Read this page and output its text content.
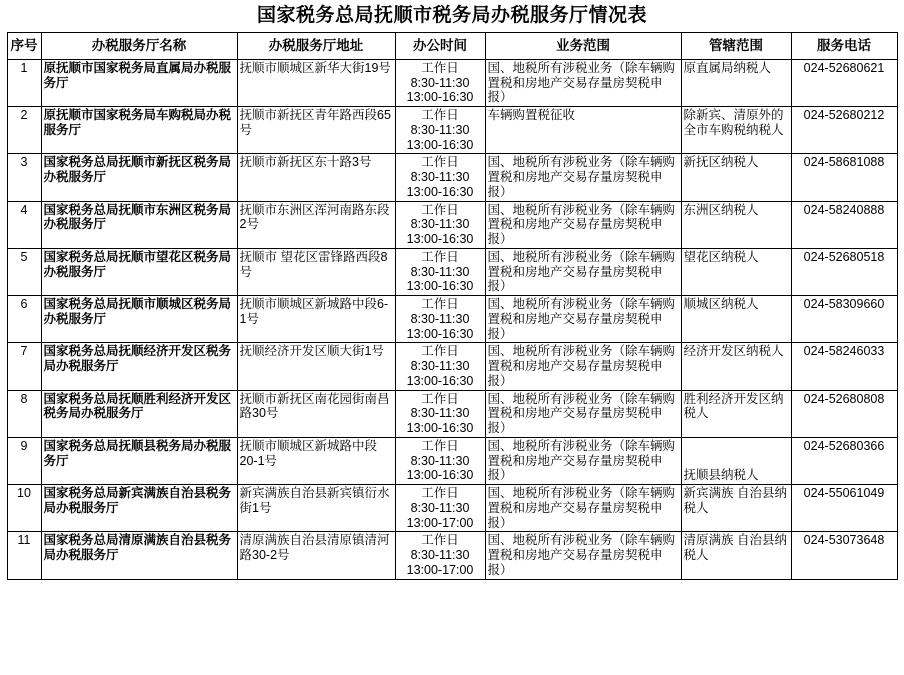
国家税务总局抚顺市税务局办税服务厅情况表
序号	办税服务厅名称	办税服务厅地址	办公时间	业务范围	管辖范围	服务电话
1	原抚顺市国家税务局直属局办税服务厅	抚顺市顺城区新华大街19号	工作日
8:30-11:30
13:00-16:30	国、地税所有涉税业务（除车辆购置税和房地产交易存量房契税申报）	原直属局纳税人	024-52680621
2	原抚顺市国家税务局车购税局办税服务厅	抚顺市新抚区青年路西段65号	工作日
8:30-11:30
13:00-16:30	车辆购置税征收	除新宾、清原外的全市车购税纳税人	024-52680212
3	国家税务总局抚顺市新抚区税务局办税服务厅	抚顺市新抚区东十路3号	工作日
8:30-11:30
13:00-16:30	国、地税所有涉税业务（除车辆购置税和房地产交易存量房契税申报）	新抚区纳税人	024-58681088
4	国家税务总局抚顺市东洲区税务局办税服务厅	抚顺市东洲区浑河南路东段2号	工作日
8:30-11:30
13:00-16:30	国、地税所有涉税业务（除车辆购置税和房地产交易存量房契税申报）	东洲区纳税人	024-58240888
5	国家税务总局抚顺市望花区税务局办税服务厅	抚顺市 望花区雷锋路西段8号	工作日
8:30-11:30
13:00-16:30	国、地税所有涉税业务（除车辆购置税和房地产交易存量房契税申报）	望花区纳税人	024-52680518
6	国家税务总局抚顺市顺城区税务局办税服务厅	抚顺市顺城区新城路中段6-1号	工作日
8:30-11:30
13:00-16:30	国、地税所有涉税业务（除车辆购置税和房地产交易存量房契税申报）	顺城区纳税人	024-58309660
7	国家税务总局抚顺经济开发区税务局办税服务厅	抚顺经济开发区顺大街1号	工作日
8:30-11:30
13:00-16:30	国、地税所有涉税业务（除车辆购置税和房地产交易存量房契税申报）	经济开发区纳税人	024-58246033
8	国家税务总局抚顺胜利经济开发区税务局办税服务厅	抚顺市新抚区南花园街南昌路30号	工作日
8:30-11:30
13:00-16:30	国、地税所有涉税业务（除车辆购置税和房地产交易存量房契税申报）	胜利经济开发区纳税人	024-52680808
9	国家税务总局抚顺县税务局办税服务厅	抚顺市顺城区新城路中段20-1号	工作日
8:30-11:30
13:00-16:30	国、地税所有涉税业务（除车辆购置税和房地产交易存量房契税申报）	抚顺县纳税人	024-52680366
10	国家税务总局新宾满族自治县税务局办税服务厅	新宾满族自治县新宾镇衍水街1号	工作日
8:30-11:30
13:00-17:00	国、地税所有涉税业务（除车辆购置税和房地产交易存量房契税申报）	新宾满族 自治县纳税人	024-55061049
11	国家税务总局清原满族自治县税务局办税服务厅	清原满族自治县清原镇清河路30-2号	工作日
8:30-11:30
13:00-17:00	国、地税所有涉税业务（除车辆购置税和房地产交易存量房契税申报）	清原满族 自治县纳税人	024-53073648
